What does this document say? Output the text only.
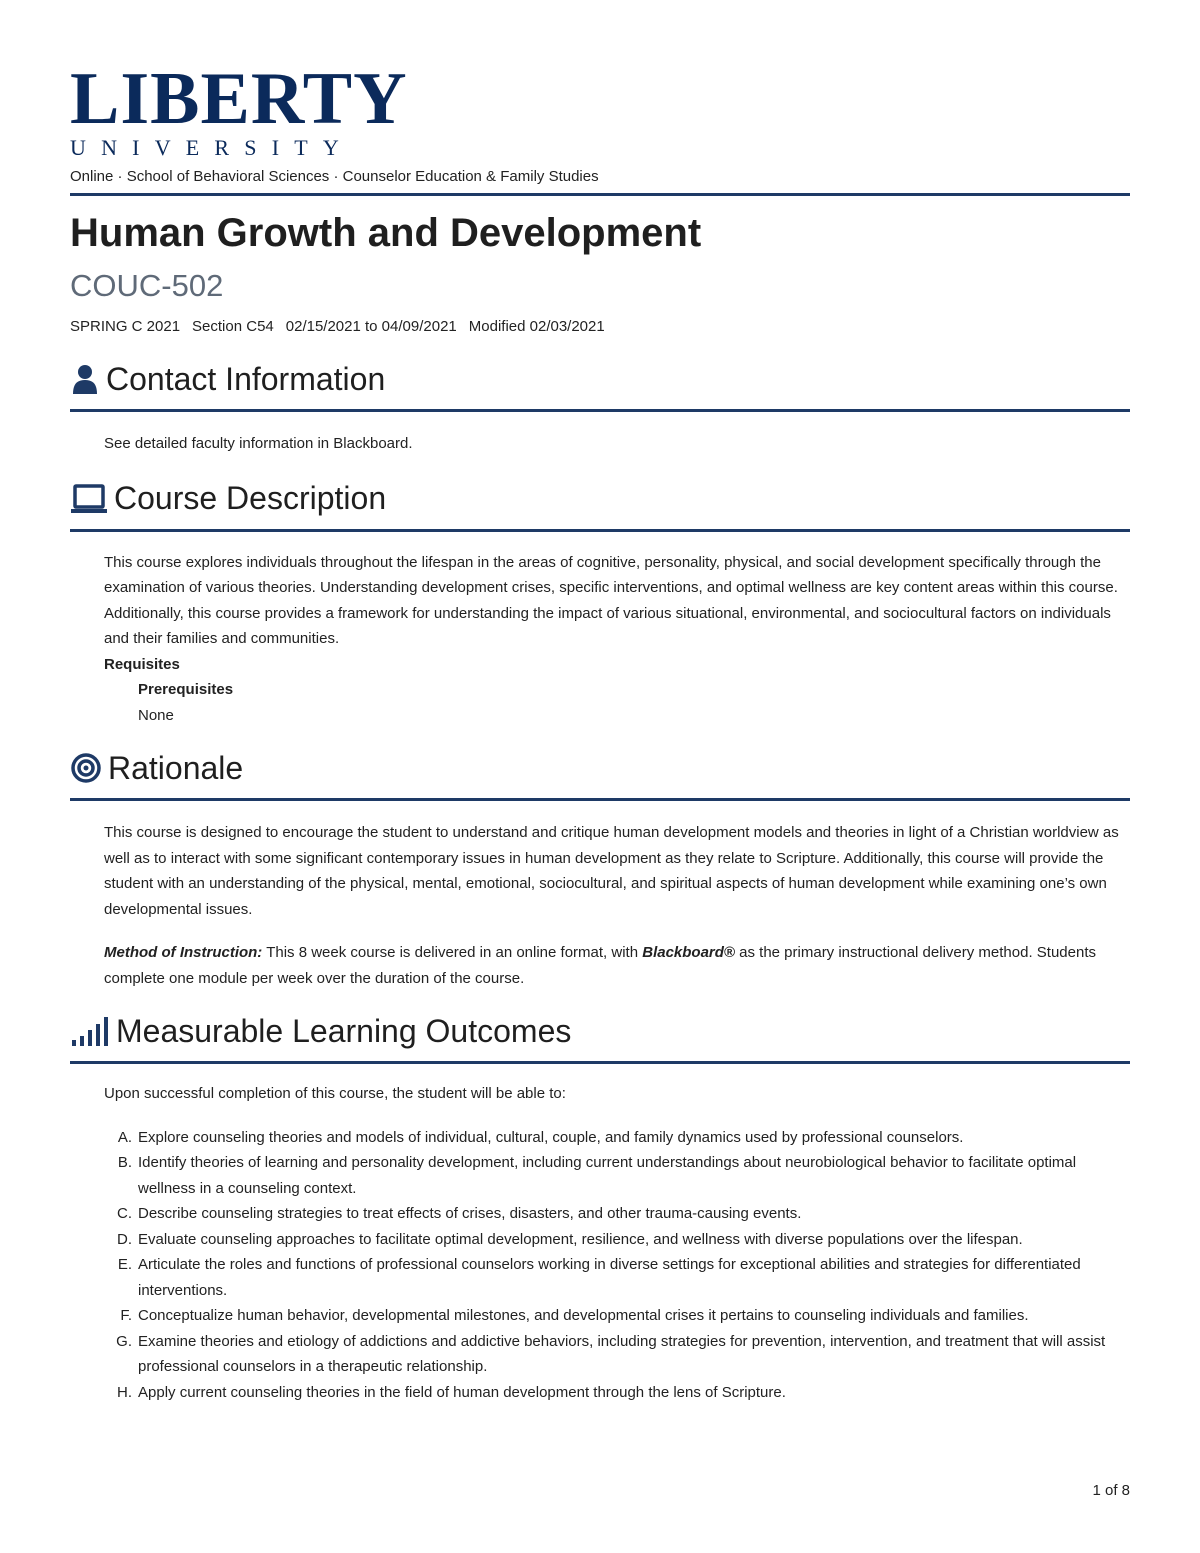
LIBERTY
UNIVERSITY
Online · School of Behavioral Sciences · Counselor Education & Family Studies
Human Growth and Development
COUC-502
SPRING C 2021 Section C54 02/15/2021 to 04/09/2021 Modified 02/03/2021
Contact Information

See detailed faculty information in Blackboard.

Course Description

This course explores individuals throughout the lifespan in the areas of cognitive, personality, physical, and social development specifically through the examination of various theories. Understanding development crises, specific interventions, and optimal wellness are key content areas within this course. Additionally, this course provides a framework for understanding the impact of various situational, environmental, and sociocultural factors on individuals and their families and communities.

Requisites

Prerequisites

None

Rationale

This course is designed to encourage the student to understand and critique human development models and theories in light of a Christian worldview as well as to interact with some significant contemporary issues in human development as they relate to Scripture. Additionally, this course will provide the student with an understanding of the physical, mental, emotional, sociocultural, and spiritual aspects of human development while examining one’s own developmental issues.

Method of Instruction: This 8 week course is delivered in an online format, with Blackboard® as the primary instructional delivery method. Students complete one module per week over the duration of the course.

Measurable Learning Outcomes

Upon successful completion of this course, the student will be able to:

A. Explore counseling theories and models of individual, cultural, couple, and family dynamics used by professional counselors.
B. Identify theories of learning and personality development, including current understandings about neurobiological behavior to facilitate optimal wellness in a counseling context.
C. Describe counseling strategies to treat effects of crises, disasters, and other trauma-causing events.
D. Evaluate counseling approaches to facilitate optimal development, resilience, and wellness with diverse populations over the lifespan.
E. Articulate the roles and functions of professional counselors working in diverse settings for exceptional abilities and strategies for differentiated interventions.
F. Conceptualize human behavior, developmental milestones, and developmental crises it pertains to counseling individuals and families.
G. Examine theories and etiology of addictions and addictive behaviors, including strategies for prevention, intervention, and treatment that will assist professional counselors in a therapeutic relationship.
H. Apply current counseling theories in the field of human development through the lens of Scripture.
1 of 8
